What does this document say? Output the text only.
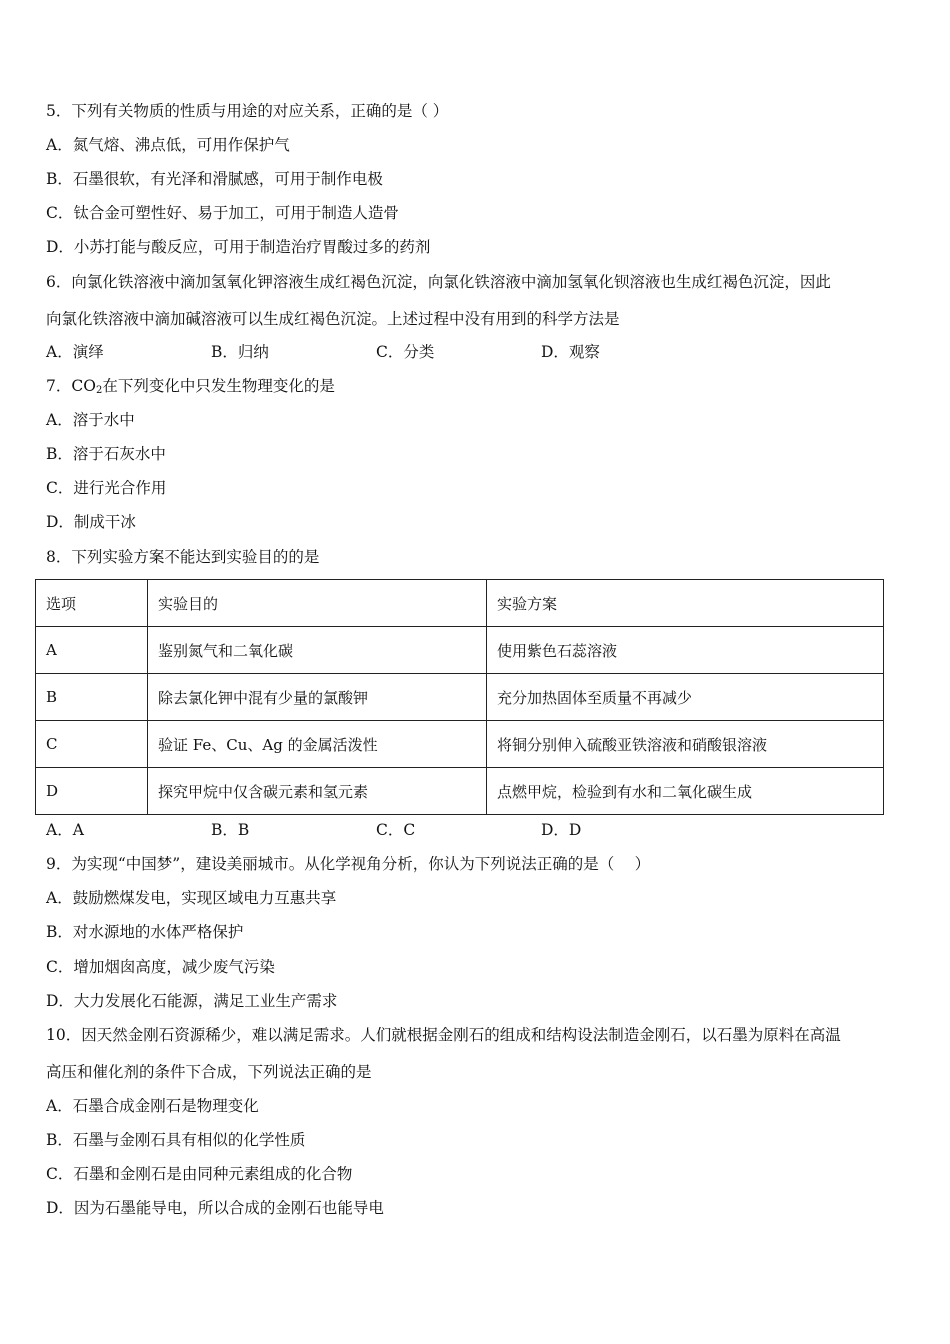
5．下列有关物质的性质与用途的对应关系，正确的是（ ）
A．氮气熔、沸点低，可用作保护气
B．石墨很软，有光泽和滑腻感，可用于制作电极
C．钛合金可塑性好、易于加工，可用于制造人造骨
D．小苏打能与酸反应，可用于制造治疗胃酸过多的药剂
6．向氯化铁溶液中滴加氢氧化钾溶液生成红褐色沉淀，向氯化铁溶液中滴加氢氧化钡溶液也生成红褐色沉淀，因此
向氯化铁溶液中滴加碱溶液可以生成红褐色沉淀。上述过程中没有用到的科学方法是
A．演绎	B．归纳	C．分类	D．观察
7．$CO_2$在下列变化中只发生物理变化的是
A．溶于水中
B．溶于石灰水中
C．进行光合作用
D．制成干冰
8．下列实验方案不能达到实验目的的是
选项	实验目的	实验方案
A	鉴别氮气和二氧化碳	使用紫色石蕊溶液
B	除去氯化钾中混有少量的氯酸钾	充分加热固体至质量不再减少
C	验证 Fe、Cu、Ag 的金属活泼性	将铜分别伸入硫酸亚铁溶液和硝酸银溶液
D	探究甲烷中仅含碳元素和氢元素	点燃甲烷，检验到有水和二氧化碳生成
A．A	B．B	C．C	D．D
9．为实现“中国梦”，建设美丽城市。从化学视角分析，你认为下列说法正确的是（　 ）
A．鼓励燃煤发电，实现区域电力互惠共享
B．对水源地的水体严格保护
C．增加烟囱高度，减少废气污染
D．大力发展化石能源，满足工业生产需求
10．因天然金刚石资源稀少，难以满足需求。人们就根据金刚石的组成和结构设法制造金刚石，以石墨为原料在高温
高压和催化剂的条件下合成，下列说法正确的是
A．石墨合成金刚石是物理变化
B．石墨与金刚石具有相似的化学性质
C．石墨和金刚石是由同种元素组成的化合物
D．因为石墨能导电，所以合成的金刚石也能导电
